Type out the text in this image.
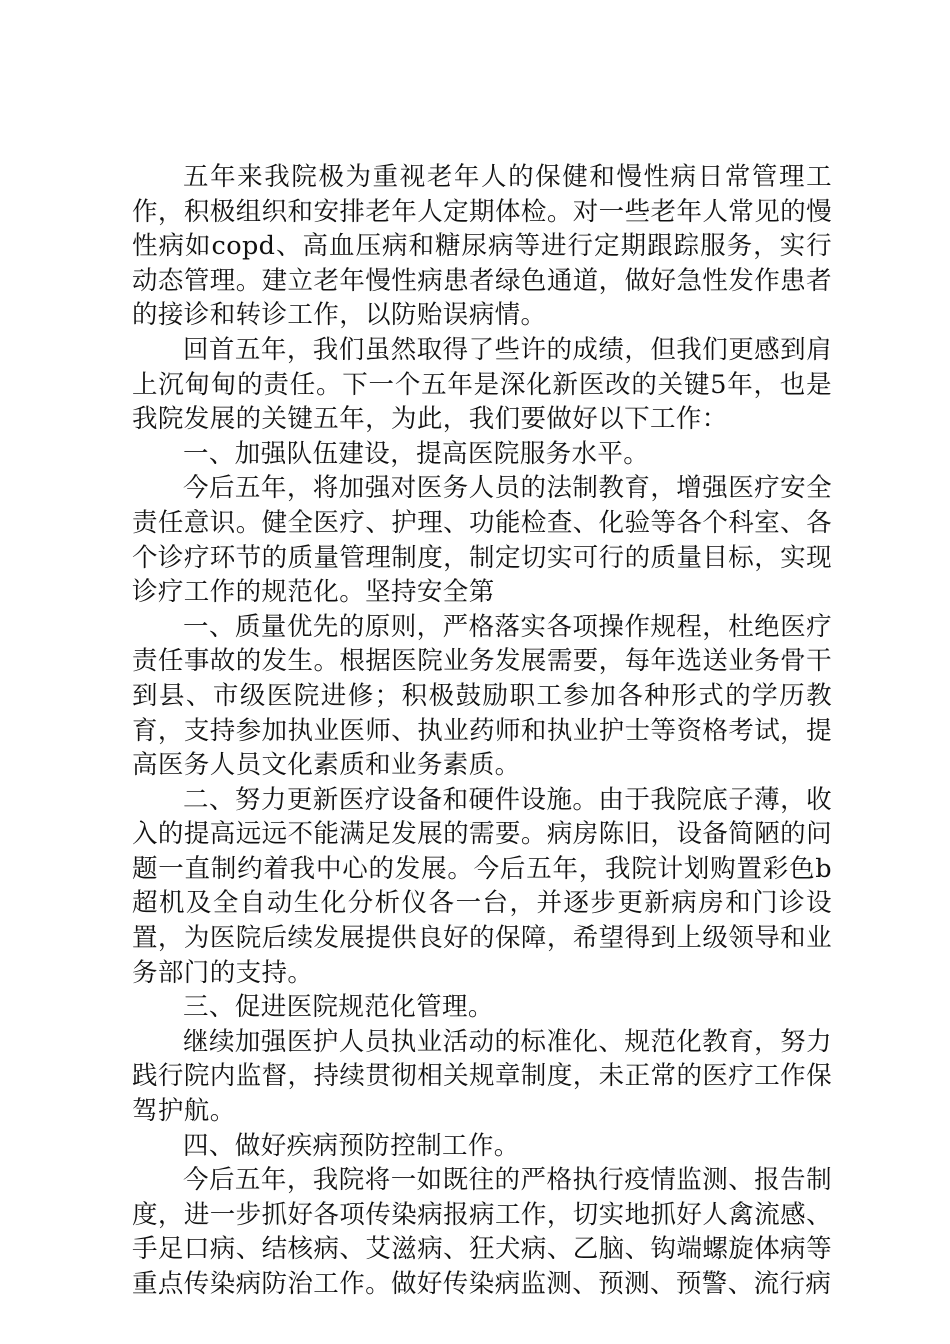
五年来我院极为重视老年人的保健和慢性病日常管理工作，积极组织和安排老年人定期体检。对一些老年人常见的慢性病如copd、高血压病和糖尿病等进行定期跟踪服务，实行动态管理。建立老年慢性病患者绿色通道，做好急性发作患者的接诊和转诊工作，以防贻误病情。

回首五年，我们虽然取得了些许的成绩，但我们更感到肩上沉甸甸的责任。下一个五年是深化新医改的关键5年，也是我院发展的关键五年，为此，我们要做好以下工作：

一、加强队伍建设，提高医院服务水平。

今后五年，将加强对医务人员的法制教育，增强医疗安全责任意识。健全医疗、护理、功能检查、化验等各个科室、各个诊疗环节的质量管理制度，制定切实可行的质量目标，实现诊疗工作的规范化。坚持安全第

一、质量优先的原则，严格落实各项操作规程，杜绝医疗责任事故的发生。根据医院业务发展需要，每年选送业务骨干到县、市级医院进修；积极鼓励职工参加各种形式的学历教育，支持参加执业医师、执业药师和执业护士等资格考试，提高医务人员文化素质和业务素质。

二、努力更新医疗设备和硬件设施。由于我院底子薄，收入的提高远远不能满足发展的需要。病房陈旧，设备简陋的问题一直制约着我中心的发展。今后五年，我院计划购置彩色b超机及全自动生化分析仪各一台，并逐步更新病房和门诊设置，为医院后续发展提供良好的保障，希望得到上级领导和业务部门的支持。

三、促进医院规范化管理。

继续加强医护人员执业活动的标准化、规范化教育，努力践行院内监督，持续贯彻相关规章制度，未正常的医疗工作保驾护航。

四、做好疾病预防控制工作。

今后五年，我院将一如既往的严格执行疫情监测、报告制度，进一步抓好各项传染病报病工作，切实地抓好人禽流感、手足口病、结核病、艾滋病、狂犬病、乙脑、钩端螺旋体病等重点传染病防治工作。做好传染病监测、预测、预警、流行病
